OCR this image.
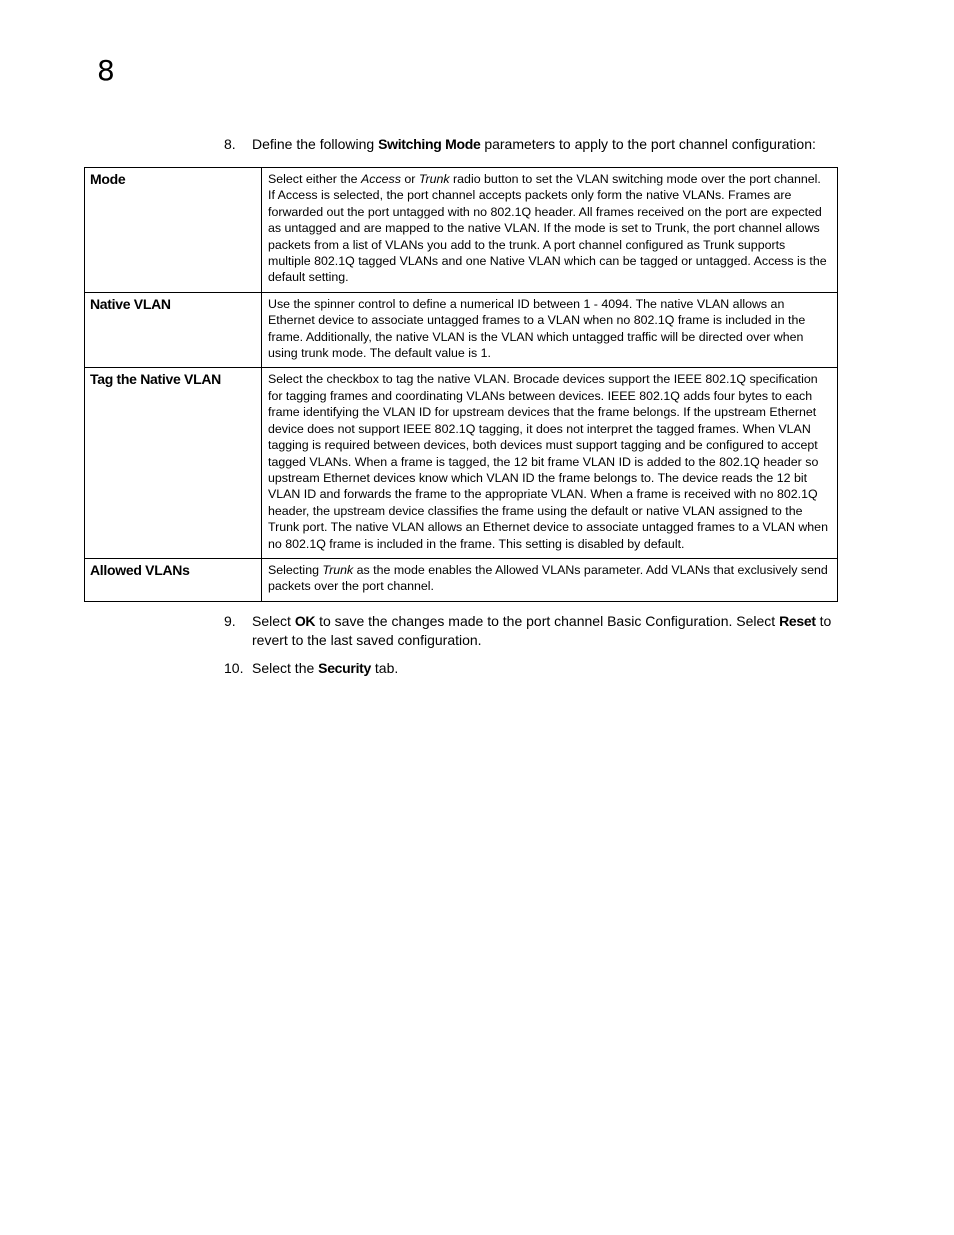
8
8. Define the following Switching Mode parameters to apply to the port channel configuration:
Mode	Select either the Access or Trunk radio button to set the VLAN switching mode over the port channel. If Access is selected, the port channel accepts packets only form the native VLANs. Frames are forwarded out the port untagged with no 802.1Q header. All frames received on the port are expected as untagged and are mapped to the native VLAN. If the mode is set to Trunk, the port channel allows packets from a list of VLANs you add to the trunk. A port channel configured as Trunk supports multiple 802.1Q tagged VLANs and one Native VLAN which can be tagged or untagged. Access is the default setting.
Native VLAN	Use the spinner control to define a numerical ID between 1 - 4094. The native VLAN allows an Ethernet device to associate untagged frames to a VLAN when no 802.1Q frame is included in the frame. Additionally, the native VLAN is the VLAN which untagged traffic will be directed over when using trunk mode. The default value is 1.
Tag the Native VLAN	Select the checkbox to tag the native VLAN. Brocade devices support the IEEE 802.1Q specification for tagging frames and coordinating VLANs between devices. IEEE 802.1Q adds four bytes to each frame identifying the VLAN ID for upstream devices that the frame belongs. If the upstream Ethernet device does not support IEEE 802.1Q tagging, it does not interpret the tagged frames. When VLAN tagging is required between devices, both devices must support tagging and be configured to accept tagged VLANs. When a frame is tagged, the 12 bit frame VLAN ID is added to the 802.1Q header so upstream Ethernet devices know which VLAN ID the frame belongs to. The device reads the 12 bit VLAN ID and forwards the frame to the appropriate VLAN. When a frame is received with no 802.1Q header, the upstream device classifies the frame using the default or native VLAN assigned to the Trunk port. The native VLAN allows an Ethernet device to associate untagged frames to a VLAN when no 802.1Q frame is included in the frame. This setting is disabled by default.
Allowed VLANs	Selecting Trunk as the mode enables the Allowed VLANs parameter. Add VLANs that exclusively send packets over the port channel.
9. Select OK to save the changes made to the port channel Basic Configuration. Select Reset to revert to the last saved configuration.
10. Select the Security tab.
